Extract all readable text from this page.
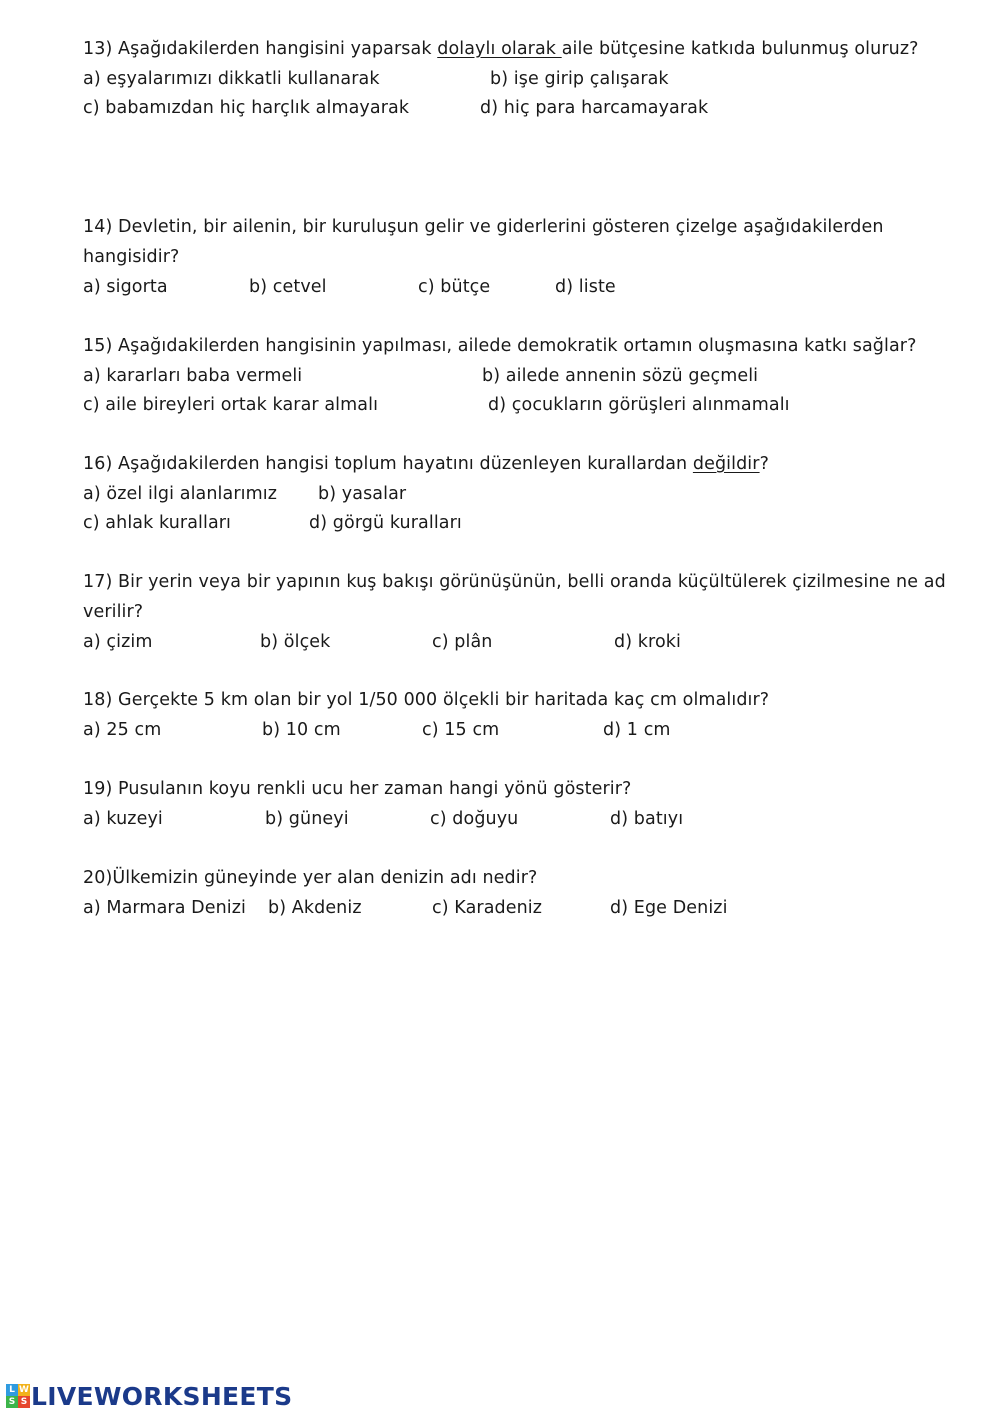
13) Aşağıdakilerden hangisini yaparsak dolaylı olarak aile bütçesine katkıda bulunmuş oluruz?
a) eşyalarımızı dikkatli kullanarak	b) işe girip çalışarak
c) babamızdan hiç harçlık almayarak	d) hiç para harcamayarak
14) Devletin, bir ailenin, bir kuruluşun gelir ve giderlerini gösteren çizelge aşağıdakilerden
hangisidir?
a) sigorta	b) cetvel	c) bütçe	d) liste
15) Aşağıdakilerden hangisinin yapılması, ailede demokratik ortamın oluşmasına katkı sağlar?
a) kararları baba vermeli	b) ailede annenin sözü geçmeli
c) aile bireyleri ortak karar almalı	d) çocukların görüşleri alınmamalı
16) Aşağıdakilerden hangisi toplum hayatını düzenleyen kurallardan değildir?
a) özel ilgi alanlarımız b) yasalar
c) ahlak kuralları	d) görgü kuralları
17) Bir yerin veya bir yapının kuş bakışı görünüşünün, belli oranda küçültülerek çizilmesine ne ad
verilir?
a) çizim	b) ölçek	c) plân	d) kroki
18) Gerçekte 5 km olan bir yol 1/50 000 ölçekli bir haritada kaç cm olmalıdır?
a) 25 cm	b) 10 cm	c) 15 cm	d) 1 cm
19) Pusulanın koyu renkli ucu her zaman hangi yönü gösterir?
a) kuzeyi	b) güneyi	c) doğuyu	d) batıyı
20)Ülkemizin güneyinde yer alan denizin adı nedir?
a) Marmara Denizi b) Akdeniz	c) Karadeniz	d) Ege Denizi
L W
S S LIVEWORKSHEETS
